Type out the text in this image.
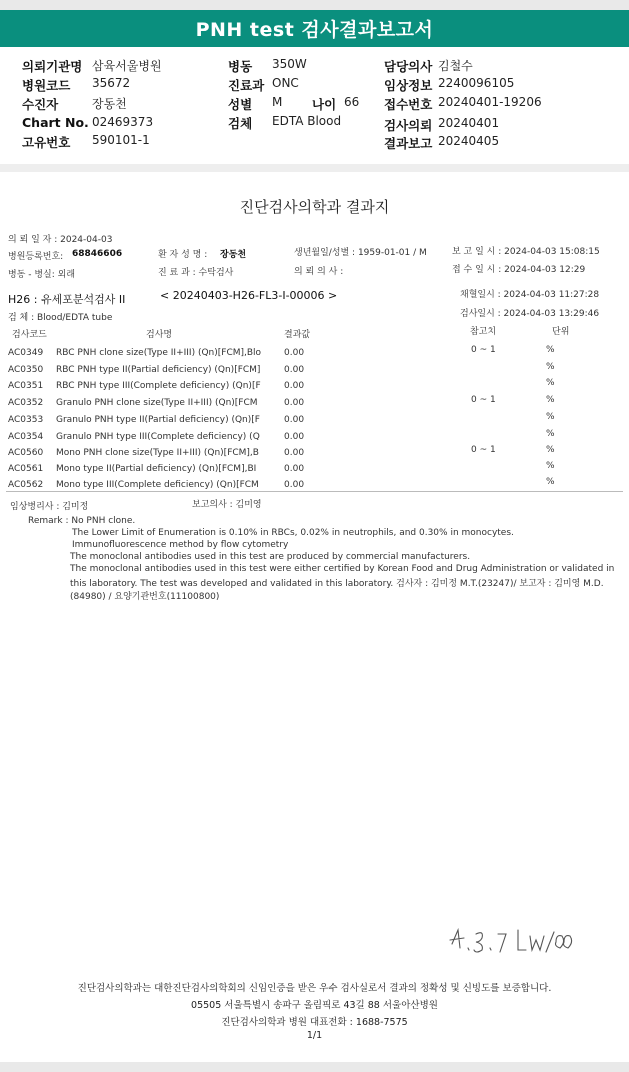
PNH test 검사결과보고서
의뢰기관명 삼육서울병원
병원코드 35672
수진자	장동천
Chart No. 02469373
고유번호 590101-1
병동 350W
진료과 ONC
성별 M 나이 66
검체 EDTA Blood
담당의사 김철수
임상정보 2240096105
접수번호 20240401-19206
검사의뢰 20240401
결과보고 20240405
진단검사의학과 결과지
의 뢰 일 자 : 2024-04-03
병원등록번호: 68846606	환 자 성 명 : 장동천	생년월일/성별 : 1959-01-01 / M	보 고 일 시 : 2024-04-03 15:08:15
병동 - 병실: 외래	진 료 과 : 수탁검사	의 뢰 의 사 :	접 수 일 시 : 2024-04-03 12:29
H26 : 유세포분석검사 II	< 20240403-H26-FL3-I-00006 >	채혈일시 : 2024-04-03 11:27:28
검 체 : Blood/EDTA tube	검사일시 : 2024-04-03 13:29:46
검사코드	검사명	결과값	참고치	단위
AC0349 RBC PNH clone size(Type II+III) (Qn)[FCM],Blo	0.00	0 ~ 1	%
AC0350 RBC PNH type II(Partial deficiency) (Qn)[FCM]	0.00	%
AC0351 RBC PNH type III(Complete deficiency) (Qn)[F	0.00	%
AC0352 Granulo PNH clone size(Type II+III) (Qn)[FCM	0.00	0 ~ 1	%
AC0353 Granulo PNH type II(Partial deficiency) (Qn)[F	0.00	%
AC0354 Granulo PNH type III(Complete deficiency) (Q	0.00	%
AC0560 Mono PNH clone size(Type II+III) (Qn)[FCM],B	0.00	0 ~ 1	%
AC0561 Mono type II(Partial deficiency) (Qn)[FCM],BI	0.00	%
AC0562 Mono type III(Complete deficiency) (Qn)[FCM	0.00	%
임상병리사 : 김미정	보고의사 : 김미영
Remark : No PNH clone.
The Lower Limit of Enumeration is 0.10% in RBCs, 0.02% in neutrophils, and 0.30% in monocytes.
Immunofluorescence method by flow cytometry
The monoclonal antibodies used in this test are produced by commercial manufacturers.
The monoclonal antibodies used in this test were either certified by Korean Food and Drug Administration or validated in
this laboratory. The test was developed and validated in this laboratory. 검사자 : 김미정 M.T.(23247)/ 보고자 : 김미영 M.D.
(84980) / 요양기관번호(11100800)
진단검사의학과는 대한진단검사의학회의 신임인증을 받은 우수 검사실로서 결과의 정확성 및 신빙도를 보증합니다.
05505 서울특별시 송파구 올림픽로 43길 88 서울아산병원
진단검사의학과 병원 대표전화 : 1688-7575
1/1
